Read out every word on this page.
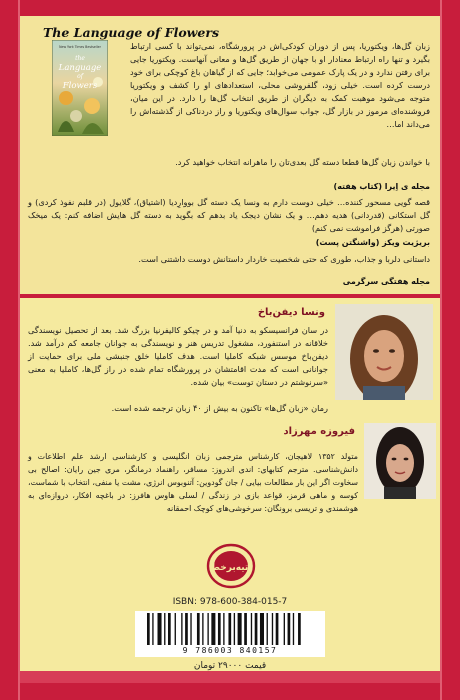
The Language of Flowers
New York Times Bestseller
the
Language
of
Flowers
زبان گل‌ها، ویکتوریا، پس از دوران کودکی‌اش در پرورشگاه، نمی‌تواند با کسی ارتباط بگیرد و تنها راه ارتباط معنادار او با جهان از طریق گل‌ها و معانی آنهاست. ویکتوریا جایی برای رفتن ندارد و در یک پارک عمومی می‌خوابد؛ جایی که از گیاهان باغ کوچکی برای خود درست کرده است. خیلی زود، گلفروشی محلی، استعدادهای او را کشف و ویکتوریا متوجه می‌شود موهبت کمک به دیگران از طریق انتخاب گل‌ها را دارد. در این میان، فروشنده‌ای مرموز در بازار گل، جواب سوال‌های ویکتوریا و راز دردناکی از گذشته‌اش را می‌داند اما…
با خواندن زبان گل‌ها قطعا دسته گل بعدی‌تان را ماهرانه انتخاب خواهید کرد.
مجله ی اِیرا (کتاب هفته)
قصه گویی مسحور کننده… خیلی دوست دارم به ونسا یک دسته گل بووارِدیا (اشتیاق)، گلایول (در قلبم نفوذ کردی) و گل استکانی (قدردانی) هدیه دهم… و یک نشان دیجک یاد بدهم که بگوید به دسته گل هایش اضافه کنم: یک میخک صورتی (هرگز فراموشت نمی کنم)
بریژیت ویکز (واشنگتن پست)
داستانی دلربا و جذاب، طوری که حتی شخصیت خاردار داستانش دوست داشتنی است.
مجله هفتگی سرگرمی
ونسا دیفن‌باخ
در سان فرانسیسکو به دنیا آمد و در چیکو کالیفرنیا بزرگ شد. بعد از تحصیل نویسندگی خلاقانه در استنفورد، مشغول تدریس هنر و نویسندگی به جوانان جامعه کم درآمد شد. دیفن‌باخ موسس شبکه کاملیا است. هدف کاملیا خلق جنبشی ملی برای حمایت از جوانانی است که مدت اقامتشان در پرورشگاه تمام شده در راز گل‌ها، کاملیا به معنی «سرنوشتم در دستان توست» بیان شده.
رمان «زبان گل‌ها» تاکنون به بیش از ۴۰ زبان ترجمه شده است.
فیروزه مهرزاد
متولد ۱۳۵۲ لاهیجان، کارشناس مترجمی زبان انگلیسی و کارشناسی ارشد علم اطلاعات و دانش‌شناسی. مترجم کتابهای: اندی اندروز: مسافر، راهنماد درمانگر، مری جین رایان: اصالح بی سخاوت اگر این بار مطالعات بیایی / جان گودوین: آتنوبوس انرژی، مشت یا منفی، انتخاب با شماست، کوسه و ماهی قرمز، قواعد بازی در زندگی / لسلی هاوس هافرز: در باغچه افکار، دروازه‌ای به هوشمندی و تریسی برونگان: سرخوشی‌های کوچک احمقانه
آتیه‌برخط
ISBN: 978-600-384-015-7
9 786003 840157
قیمت ۲۹۰۰۰ تومان
